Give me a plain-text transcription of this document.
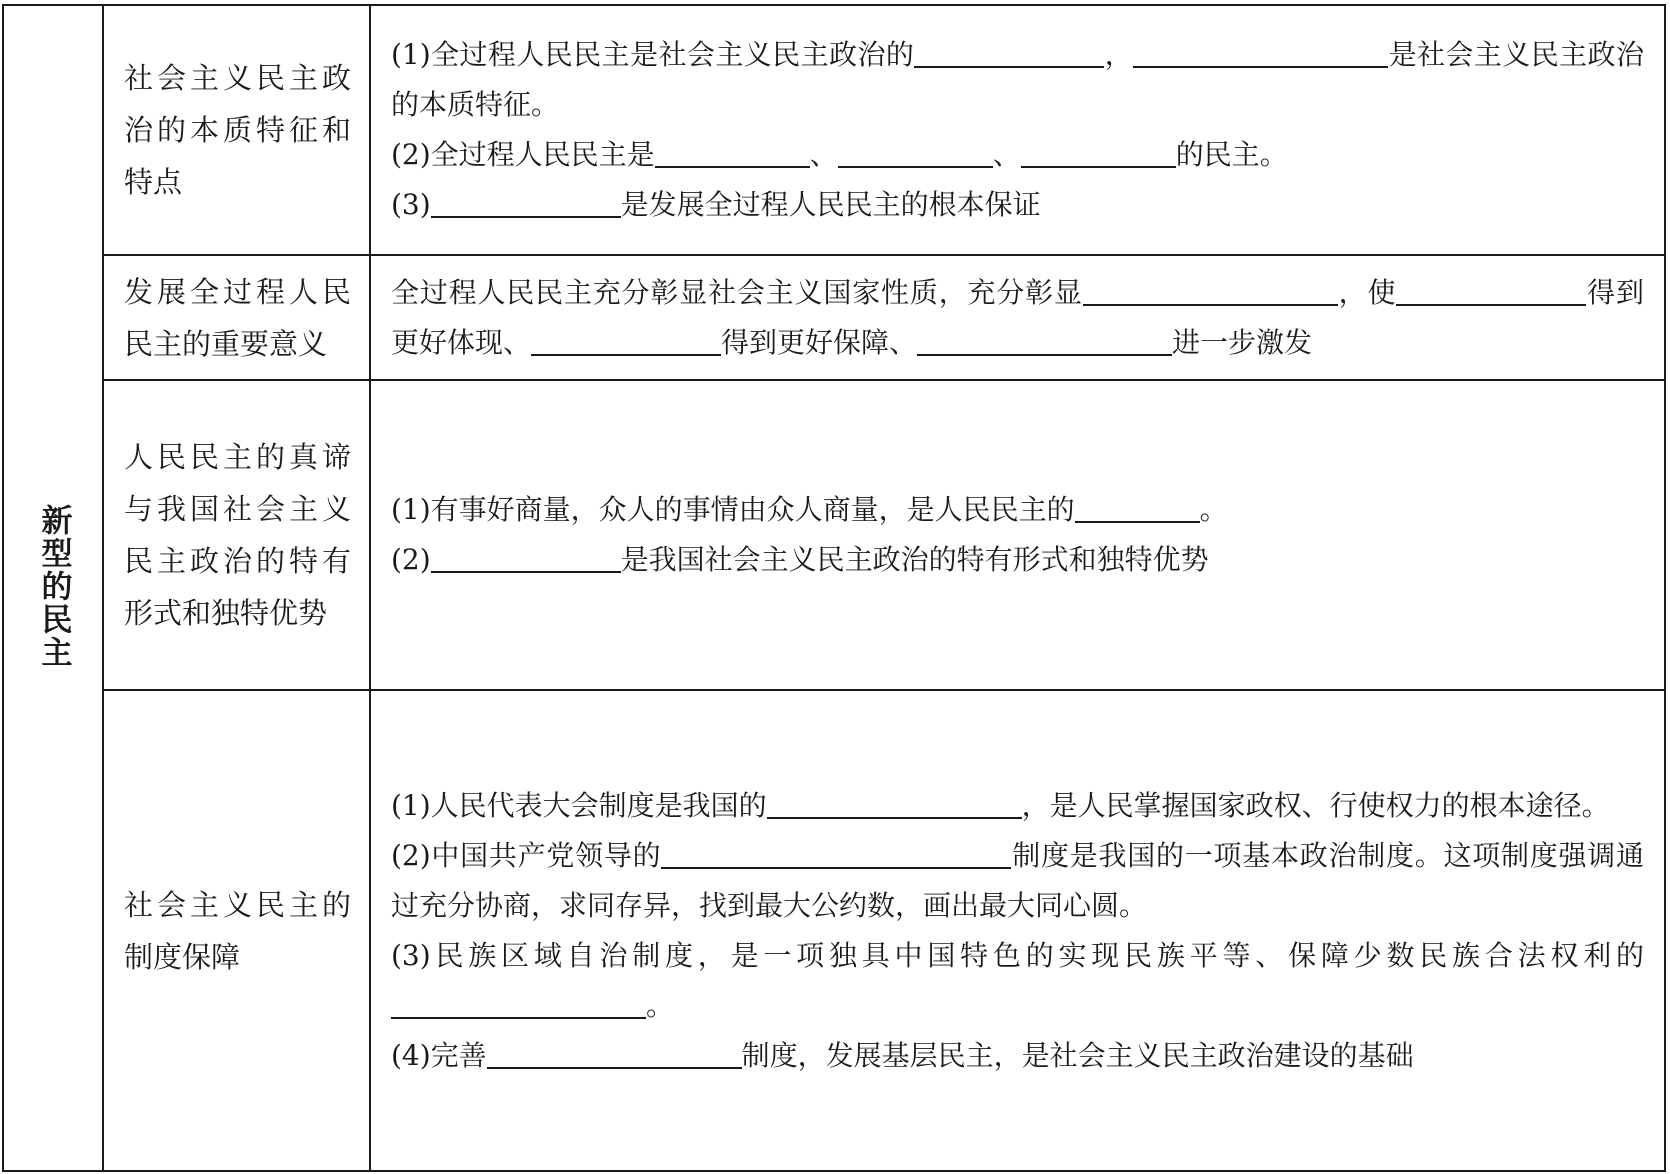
新型的民主	社会主义民主政治的本质特征和特点	(1)全过程人民民主是社会主义民主政治的 ， 是社会主义民主政治的本质特征。

(2)全过程人民民主是 、 、 的民主。

(3) 是发展全过程人民民主的根本保证

	发展全过程人民民主的重要意义	全过程人民民主充分彰显社会主义国家性质，充分彰显 ，使 得到更好体现、 得到更好保障、 进一步激发

	人民民主的真谛与我国社会主义民主政治的特有形式和独特优势	(1)有事好商量，众人的事情由众人商量，是人民民主的 。

(2) 是我国社会主义民主政治的特有形式和独特优势

	社会主义民主的制度保障	(1)人民代表大会制度是我国的 ，是人民掌握国家政权、行使权力的根本途径。

(2)中国共产党领导的 制度是我国的一项基本政治制度。这项制度强调通过充分协商，求同存异，找到最大公约数，画出最大同心圆。

(3)民族区域自治制度，是一项独具中国特色的实现民族平等、保障少数民族合法权利的。

(4)完善 制度，发展基层民主，是社会主义民主政治建设的基础
